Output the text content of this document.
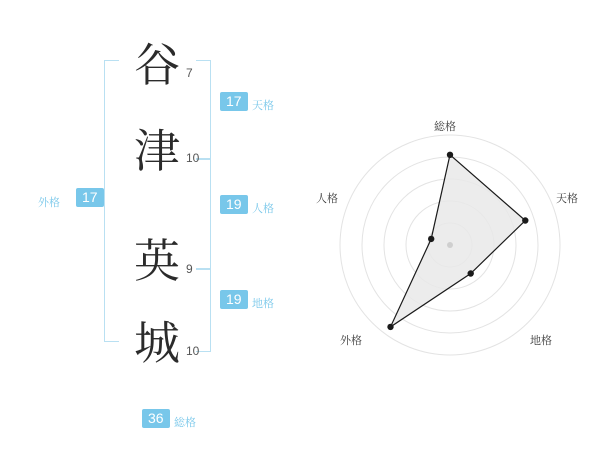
谷 7
津 10
英 9
城 10
外格	17
17 天格
19 人格
19 地格
36 総格
総格
天格
地格
外格
人格
